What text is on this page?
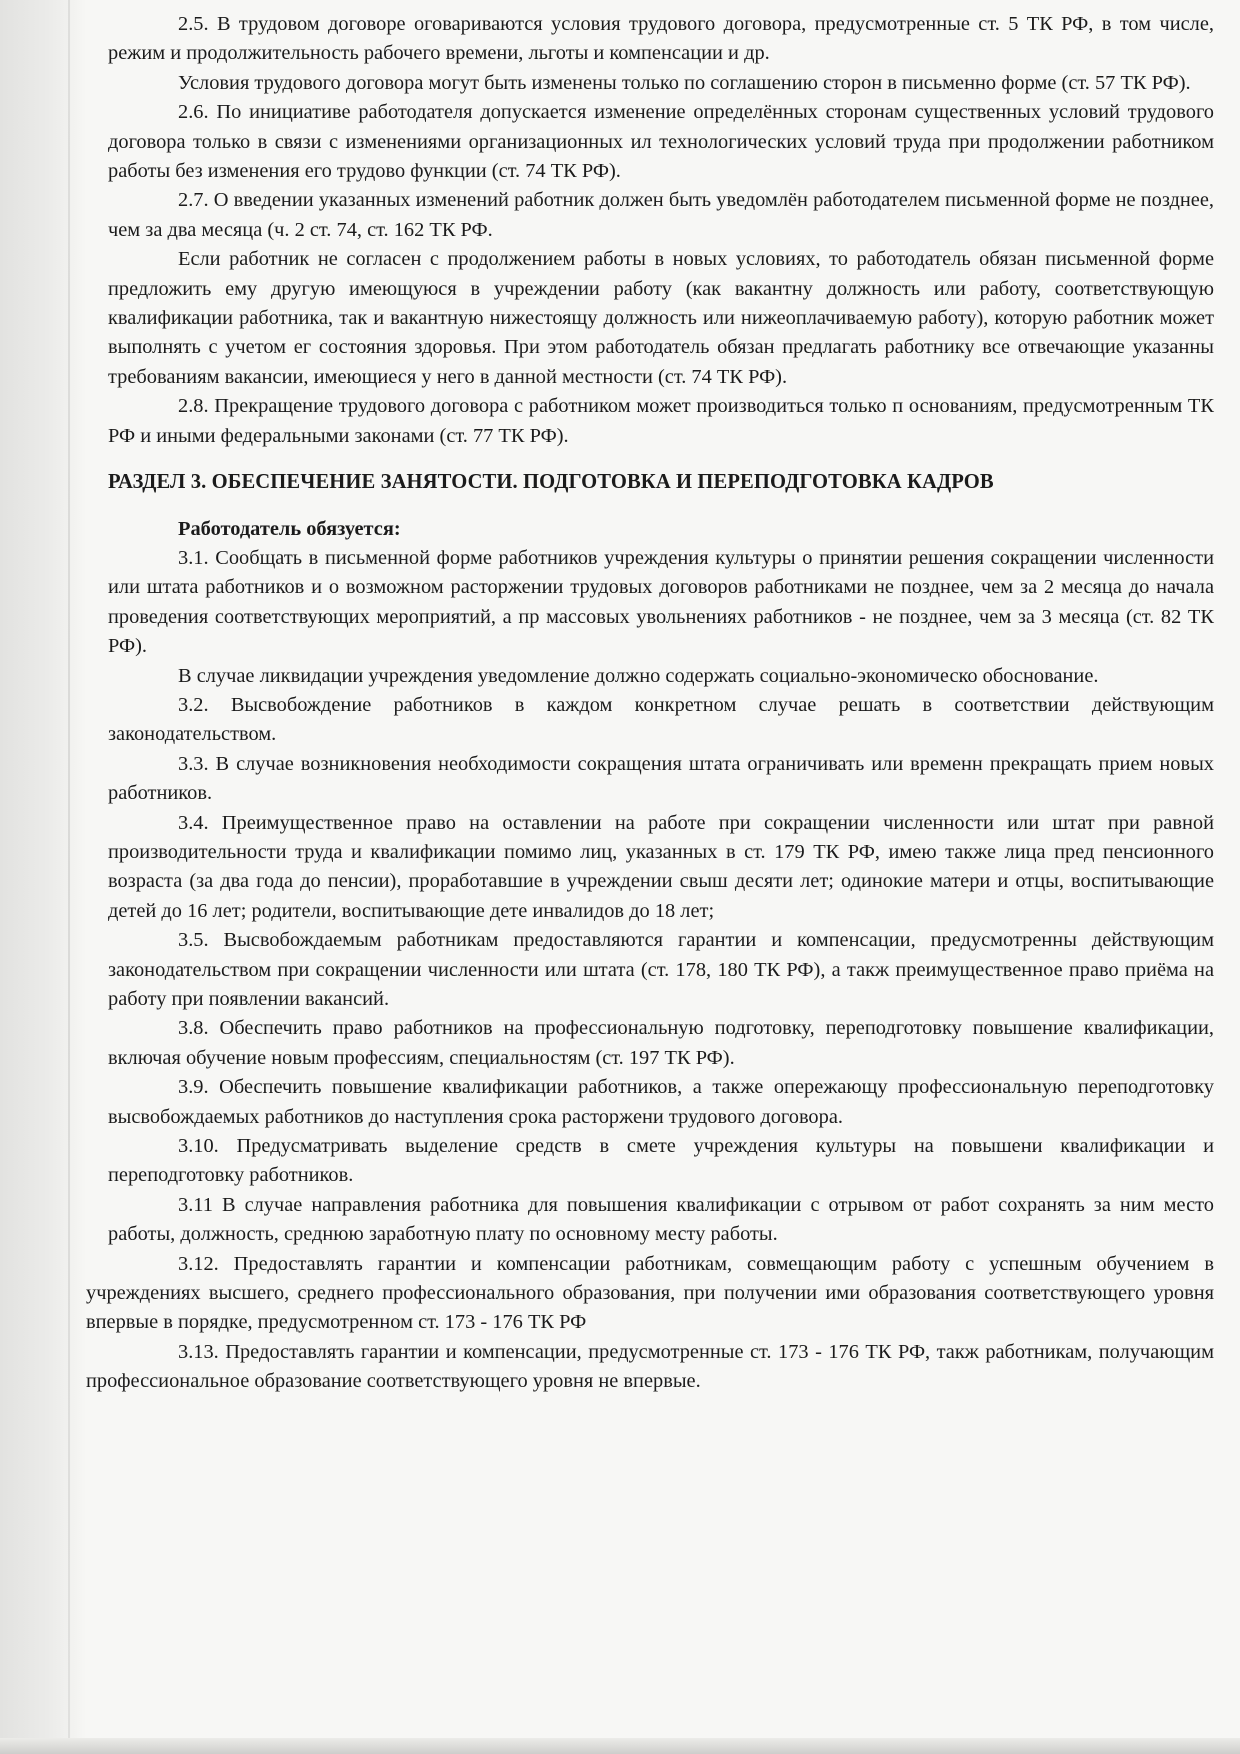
2.5. В трудовом договоре оговариваются условия трудового договора, предусмотренные ст. 5 ТК РФ, в том числе, режим и продолжительность рабочего времени, льготы и компенсации и др.

Условия трудового договора могут быть изменены только по соглашению сторон в письменно форме (ст. 57 ТК РФ).

2.6. По инициативе работодателя допускается изменение определённых сторонам существенных условий трудового договора только в связи с изменениями организационных ил технологических условий труда при продолжении работником работы без изменения его трудово функции (ст. 74 ТК РФ).

2.7. О введении указанных изменений работник должен быть уведомлён работодателем письменной форме не позднее, чем за два месяца (ч. 2 ст. 74, ст. 162 ТК РФ.

Если работник не согласен с продолжением работы в новых условиях, то работодатель обязан письменной форме предложить ему другую имеющуюся в учреждении работу (как вакантну должность или работу, соответствующую квалификации работника, так и вакантную нижестоящу должность или нижеоплачиваемую работу), которую работник может выполнять с учетом ег состояния здоровья. При этом работодатель обязан предлагать работнику все отвечающие указанны требованиям вакансии, имеющиеся у него в данной местности (ст. 74 ТК РФ).

2.8. Прекращение трудового договора с работником может производиться только п основаниям, предусмотренным ТК РФ и иными федеральными законами (ст. 77 ТК РФ).

РАЗДЕЛ 3. ОБЕСПЕЧЕНИЕ ЗАНЯТОСТИ. ПОДГОТОВКА И ПЕРЕПОДГОТОВКА КАДРОВ

Работодатель обязуется:

3.1. Сообщать в письменной форме работников учреждения культуры о принятии решения сокращении численности или штата работников и о возможном расторжении трудовых договоров работниками не позднее, чем за 2 месяца до начала проведения соответствующих мероприятий, а пр массовых увольнениях работников - не позднее, чем за 3 месяца (ст. 82 ТК РФ).

В случае ликвидации учреждения уведомление должно содержать социально-экономическо обоснование.

3.2. Высвобождение работников в каждом конкретном случае решать в соответствии действующим законодательством.

3.3. В случае возникновения необходимости сокращения штата ограничивать или временн прекращать прием новых работников.

3.4. Преимущественное право на оставлении на работе при сокращении численности или штат при равной производительности труда и квалификации помимо лиц, указанных в ст. 179 ТК РФ, имею также лица пред пенсионного возраста (за два года до пенсии), проработавшие в учреждении свыш десяти лет; одинокие матери и отцы, воспитывающие детей до 16 лет; родители, воспитывающие дете инвалидов до 18 лет;

3.5. Высвобождаемым работникам предоставляются гарантии и компенсации, предусмотренны действующим законодательством при сокращении численности или штата (ст. 178, 180 ТК РФ), а такж преимущественное право приёма на работу при появлении вакансий.

3.8. Обеспечить право работников на профессиональную подготовку, переподготовку повышение квалификации, включая обучение новым профессиям, специальностям (ст. 197 ТК РФ).

3.9. Обеспечить повышение квалификации работников, а также опережающу профессиональную переподготовку высвобождаемых работников до наступления срока расторжени трудового договора.

3.10. Предусматривать выделение средств в смете учреждения культуры на повышени квалификации и переподготовку работников.

3.11 В случае направления работника для повышения квалификации с отрывом от работ сохранять за ним место работы, должность, среднюю заработную плату по основному месту работы.

3.12. Предоставлять гарантии и компенсации работникам, совмещающим работу с успешным обучением в учреждениях высшего, среднего профессионального образования, при получении ими образования соответствующего уровня впервые в порядке, предусмотренном ст. 173 - 176 ТК РФ

3.13. Предоставлять гарантии и компенсации, предусмотренные ст. 173 - 176 ТК РФ, такж работникам, получающим профессиональное образование соответствующего уровня не впервые.
